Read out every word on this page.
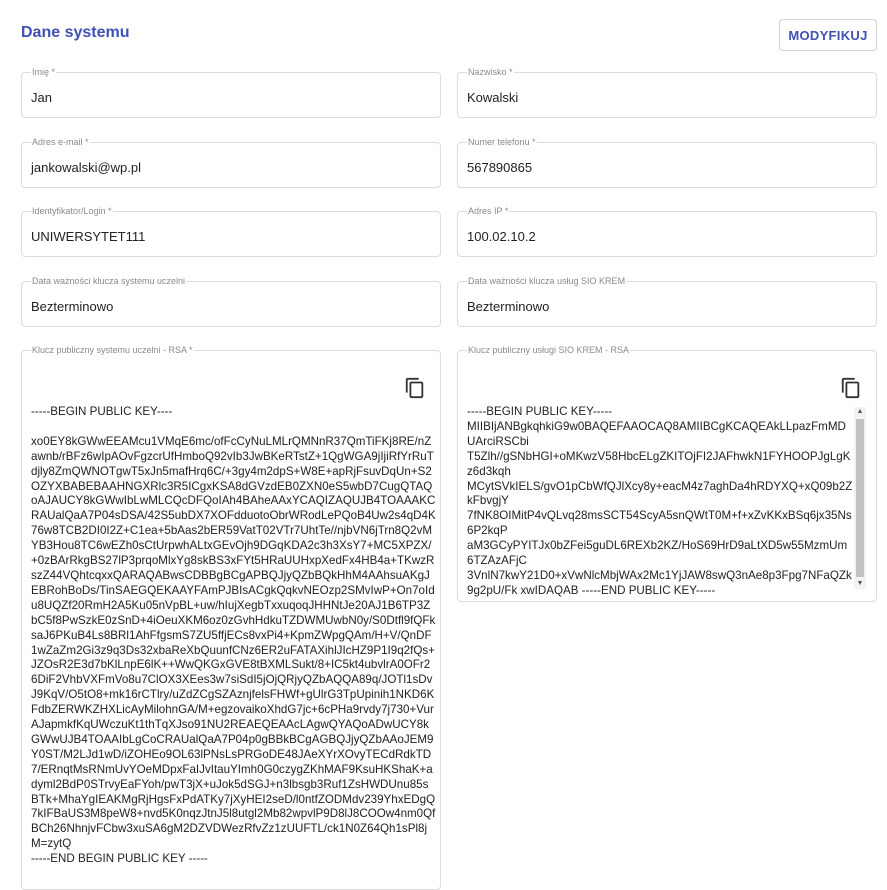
Dane systemu	MODYFIKUJ
Imię *
Jan
Nazwisko *
Kowalski
Adres e-mail *
jankowalski@wp.pl
Numer telefonu *
567890865
Identyfikator/Login *
UNIWERSYTET111
Adres IP *
100.02.10.2
Data ważności klucza systemu uczelni
Bezterminowo
Data ważności klucza usług SIO KREM
Bezterminowo
Klucz publiczny systemu uczelni - RSA *
-----BEGIN PUBLIC KEY----

xo0EY8kGWwEEAMcu1VMqE6mc/ofFcCyNuLMLrQMNnR37QmTiFKj8RE/nZawnb/rBFz6wIpAOvFgzcrUfHmboQ92vIb3JwBKeRTstZ+1QgWGA9jIjiRfYrRuTdjly8ZmQWNOTgwT5xJn5mafHrq6C/+3gy4m2dpS+W8E+apRjFsuvDqUn+S2OZYXBABEBAAHNGXRlc3R5ICgxKSA8dGVzdEB0ZXN0eS5wbD7CugQTAQoAJAUCY8kGWwIbLwMLCQcDFQoIAh4BAheAAxYCAQIZAQUJB4TOAAAKCRAUalQaA7P04sDSA/42S5ubDX7XOFdduotoObrWRodLePQoB4Uw2s4qD4K76w8TCB2DI0I2Z+C1ea+5bAas2bER59VatT02VTr7UhtTe//njbVN6jTrn8Q2vMYB3Hou8TC6wEZh0sCtUrpwhALtxGEvOjh9DGqKDA2c3h3XsY7+MC5XPZX/+0zBArRkgBS27lP3prqoMlxYg8skBS3xFYt5HRaUUHxpXedFx4HB4a+TKwzRszZ44VQhtcqxxQARAQABwsCDBBgBCgAPBQJjyQZbBQkHhM4AAhsuAKgJEBRohBoDs/TinSAEGQEKAAYFAmPJBIsACgkQqkvNEOzp2SMvIwP+On7oIdu8UQZf20RmH2A5Ku05nVpBL+uw/hIujXegbTxxuqoqJHHNtJe20AJ1B6TP3ZbC5f8PwSzkE0zSnD+4iOeuXKM6oz0zGvhHdkuTZDWMUwbN0y/S0Dtfl9fQFksaJ6PKuB4Ls8BRl1AhFfgsmS7ZU5ffjECs8vxPi4+KpmZWpgQAm/H+V/QnDF1wZaZm2Gi3z9q3Ds32xbaReXbQuunfCNz6ER2uFATAXihlJIcHZ9P1I9q2fQs+JZOsR2E3d7bKlLnpE6lK++WwQKGxGVE8tBXMLSukt/8+IC5kt4ubvlrA0OFr26DiF2VhbVXFmVo8u7ClOX3XEes3w7siSdI5jOjQRjyQZbAQQA89q/JOTl1sDvJ9KqV/O5tO8+mk16rCTlry/uZdZCgSZAznjfelsFHWf+gUlrG3TpUpinih1NKD6KFdbZERWKZHXLicAyMilohnGA/M+egzovaikoXhdG7jc+6cPHa9rvdy7j730+VurAJapmkfKqUWczuKt1thTqXJso91NU2REAEQEAAcLAgwQYAQoADwUCY8kGWwUJB4TOAAIbLgCoCRAUalQaA7P04p0gBBkBCgAGBQJjyQZbAAoJEM9Y0ST/M2LJd1wD/iZOHEo9OL63lPNsLsPRGoDE48JAeXYrXOvyTECdRdkTD7/ERnqtMsRNmUvYOeMDpxFaIJvItauYImh0G0czygZKhMAF9KsuHKShaK+adyml2BdP0STrvyEaFYoh/pwT3jX+uJok5dSGJ+n3lbsgb3Ruf1ZsHWDUnu85sBTk+MhaYgIEAKMgRjHgsFxPdATKy7jXyHEI2seD/l0ntfZODMdv239YhxEDgQ7kIFBaUS3M8peW8+nvd5K0nqzJtnJ5l8utgl2Mb82wpvlP9D8lJ8COOw4nm0QfBCh26NhnjvFCbw3xuSA6gM2DZVDWezRfvZz1zUUFTL/ck1N0Z64Qh1sPl8jM=zytQ
-----END BEGIN PUBLIC KEY -----
Klucz publiczny usługi SIO KREM - RSA
-----BEGIN PUBLIC KEY-----
MIIBIjANBgkqhkiG9w0BAQEFAAOCAQ8AMIIBCgKCAQEAkLLpazFmMDUArciRSCbi
T5Zlh//gSNbHGI+oMKwzV58HbcELgZKITOjFI2JAFhwkN1FYHOOPJgLgKz6d3kqh
MCytSVkIELS/gvO1pCbWfQJlXcy8y+eacM4z7aghDa4hRDYXQ+xQ09b2ZkFbvgjY
7fNK8OIMitP4vQLvq28msSCT54ScyA5snQWtT0M+f+xZvKKxBSq6jx35Ns6P2kqP
aM3GCyPYITJx0bZFei5guDL6REXb2KZ/HoS69HrD9aLtXD5w55MzmUm6TZAzAFjC
3VnlN7kwY21D0+xVwNlcMbjWAx2Mc1YjJAW8swQ3nAe8p3Fpg7NFaQZk9g2pU/Fk xwIDAQAB -----END PUBLIC KEY-----
▲
▼
